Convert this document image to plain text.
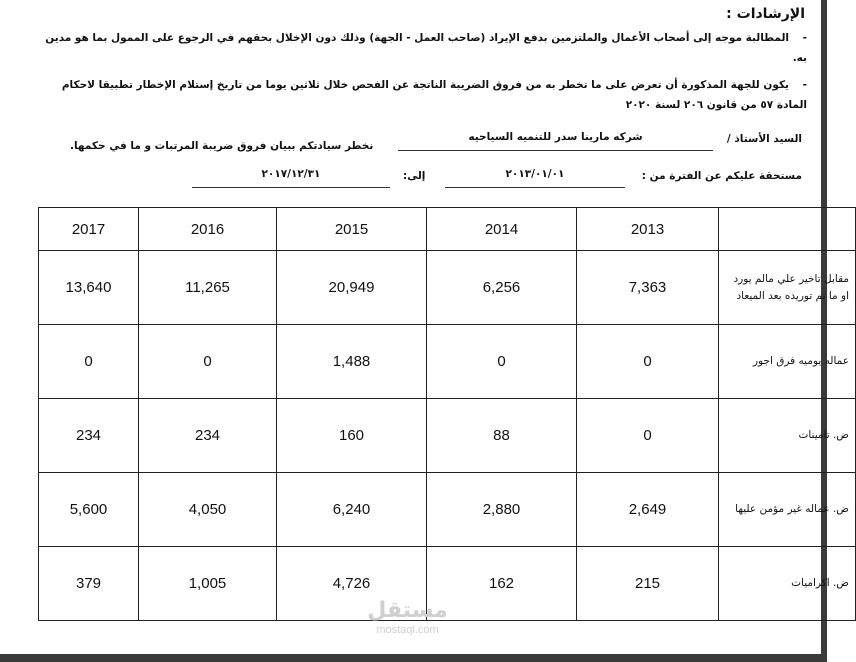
الإرشادات :
-المطالبة موجه إلى أصحاب الأعمال والملتزمين بدفع الإيراد (صاحب العمل - الجهة) وذلك دون الإخلال بحقهم في الرجوع على الممول بما هو مدين به.
-يكون للجهة المذكورة أن تعرض على ما تخطر به من فروق الضريبة الناتجة عن الفحص خلال ثلاثين يوما من تاريخ إستلام الإخطار تطبيقا لاحكام المادة ٥٧ من قانون ٢٠٦ لسنة ٢٠٢٠
السيد الأستاذ /
شركه مارينا سدر للتنميه السياحيه
نخطر سيادتكم ببيان فروق ضريبة المرتبات و ما في حكمها.
مستحقة عليكم عن الفترة من :
٢٠١٣/٠١/٠١
إلى:
٢٠١٧/١٢/٣١
2017	2016	2015	2014	2013	
13,640	11,265	20,949	6,256	7,363	مقابل تاخير علي مالم يورد او ما تم توريده بعد الميعاد
0	0	1,488	0	0	عماله يوميه فرق اجور
234	234	160	88	0	ض. تامينات
5,600	4,050	6,240	2,880	2,649	ض. عماله غير مؤمن عليها
379	1,005	4,726	162	215	ض. اكراميات
مستقل
mostaql.com
